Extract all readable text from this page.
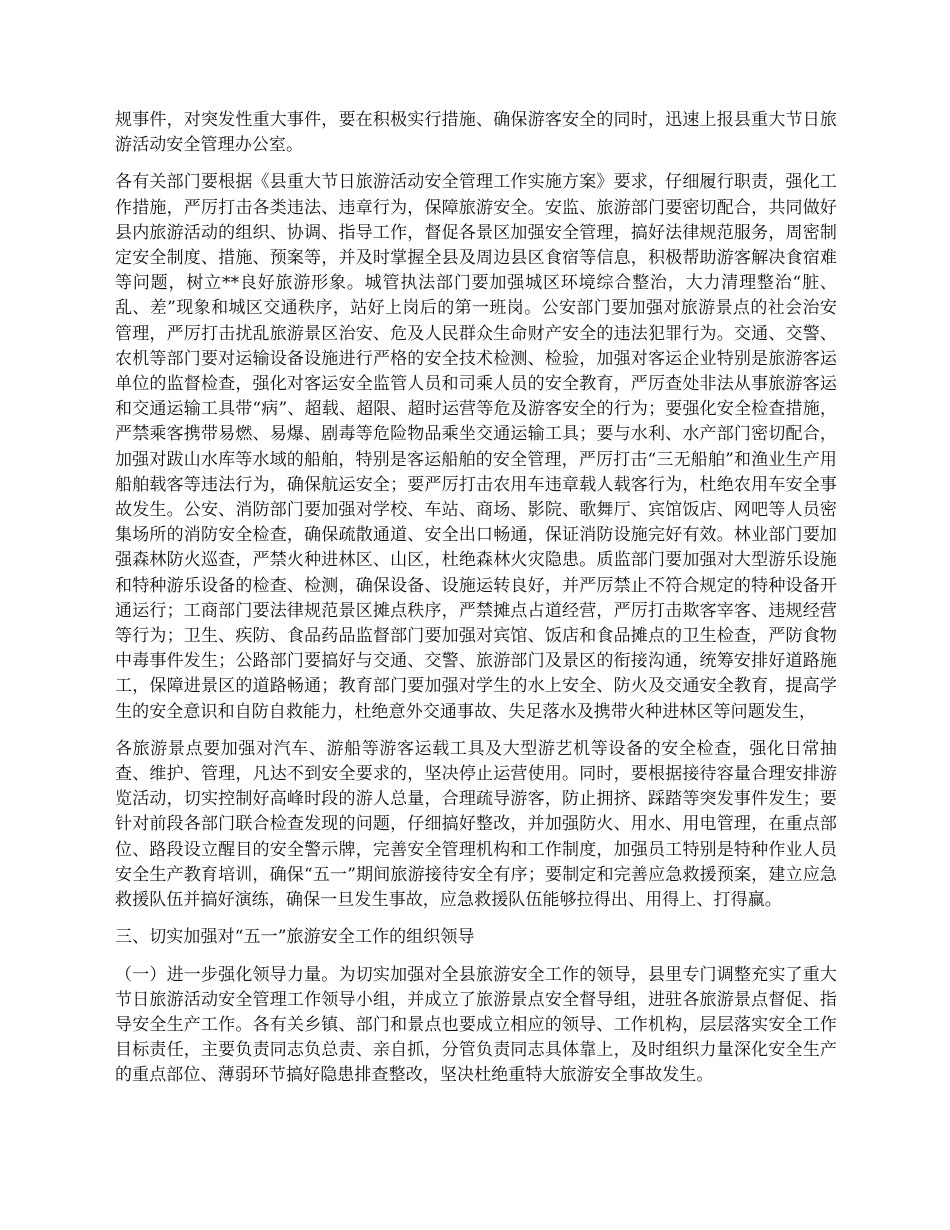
规事件，对突发性重大事件，要在积极实行措施、确保游客安全的同时，迅速上报县重大节日旅游活动安全管理办公室。

各有关部门要根据《县重大节日旅游活动安全管理工作实施方案》要求，仔细履行职责，强化工作措施，严厉打击各类违法、违章行为，保障旅游安全。安监、旅游部门要密切配合，共同做好县内旅游活动的组织、协调、指导工作，督促各景区加强安全管理，搞好法律规范服务，周密制定安全制度、措施、预案等，并及时掌握全县及周边县区食宿等信息，积极帮助游客解决食宿难等问题，树立**良好旅游形象。城管执法部门要加强城区环境综合整治，大力清理整治“脏、乱、差”现象和城区交通秩序，站好上岗后的第一班岗。公安部门要加强对旅游景点的社会治安管理，严厉打击扰乱旅游景区治安、危及人民群众生命财产安全的违法犯罪行为。交通、交警、农机等部门要对运输设备设施进行严格的安全技术检测、检验，加强对客运企业特别是旅游客运单位的监督检查，强化对客运安全监管人员和司乘人员的安全教育，严厉查处非法从事旅游客运和交通运输工具带“病”、超载、超限、超时运营等危及游客安全的行为；要强化安全检查措施，严禁乘客携带易燃、易爆、剧毒等危险物品乘坐交通运输工具；要与水利、水产部门密切配合，加强对跋山水库等水域的船舶，特别是客运船舶的安全管理，严厉打击“三无船舶”和渔业生产用船舶载客等违法行为，确保航运安全；要严厉打击农用车违章载人载客行为，杜绝农用车安全事故发生。公安、消防部门要加强对学校、车站、商场、影院、歌舞厅、宾馆饭店、网吧等人员密集场所的消防安全检查，确保疏散通道、安全出口畅通，保证消防设施完好有效。林业部门要加强森林防火巡查，严禁火种进林区、山区，杜绝森林火灾隐患。质监部门要加强对大型游乐设施和特种游乐设备的检查、检测，确保设备、设施运转良好，并严厉禁止不符合规定的特种设备开通运行；工商部门要法律规范景区摊点秩序，严禁摊点占道经营，严厉打击欺客宰客、违规经营等行为；卫生、疾防、食品药品监督部门要加强对宾馆、饭店和食品摊点的卫生检查，严防食物中毒事件发生；公路部门要搞好与交通、交警、旅游部门及景区的衔接沟通，统筹安排好道路施工，保障进景区的道路畅通；教育部门要加强对学生的水上安全、防火及交通安全教育，提高学生的安全意识和自防自救能力，杜绝意外交通事故、失足落水及携带火种进林区等问题发生，

各旅游景点要加强对汽车、游船等游客运载工具及大型游艺机等设备的安全检查，强化日常抽查、维护、管理，凡达不到安全要求的，坚决停止运营使用。同时，要根据接待容量合理安排游览活动，切实控制好高峰时段的游人总量，合理疏导游客，防止拥挤、踩踏等突发事件发生；要针对前段各部门联合检查发现的问题，仔细搞好整改，并加强防火、用水、用电管理，在重点部位、路段设立醒目的安全警示牌，完善安全管理机构和工作制度，加强员工特别是特种作业人员安全生产教育培训，确保“五一”期间旅游接待安全有序；要制定和完善应急救援预案，建立应急救援队伍并搞好演练，确保一旦发生事故，应急救援队伍能够拉得出、用得上、打得赢。

三、切实加强对“五一”旅游安全工作的组织领导

（一）进一步强化领导力量。为切实加强对全县旅游安全工作的领导，县里专门调整充实了重大节日旅游活动安全管理工作领导小组，并成立了旅游景点安全督导组，进驻各旅游景点督促、指导安全生产工作。各有关乡镇、部门和景点也要成立相应的领导、工作机构，层层落实安全工作目标责任，主要负责同志负总责、亲自抓，分管负责同志具体靠上，及时组织力量深化安全生产的重点部位、薄弱环节搞好隐患排查整改，坚决杜绝重特大旅游安全事故发生。
